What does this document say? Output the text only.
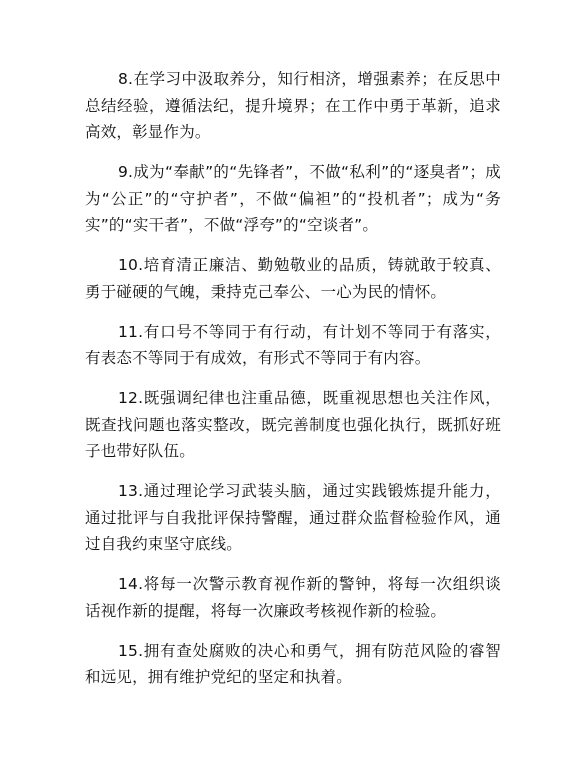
8.在学习中汲取养分，知行相济，增强素养；在反思中总结经验，遵循法纪，提升境界；在工作中勇于革新，追求高效，彰显作为。

9.成为“奉献”的“先锋者”，不做“私利”的“逐臭者”；成为“公正”的“守护者”，不做“偏袒”的“投机者”；成为“务实”的“实干者”，不做“浮夸”的“空谈者”。

10.培育清正廉洁、勤勉敬业的品质，铸就敢于较真、勇于碰硬的气魄，秉持克己奉公、一心为民的情怀。

11.有口号不等同于有行动，有计划不等同于有落实，有表态不等同于有成效，有形式不等同于有内容。

12.既强调纪律也注重品德，既重视思想也关注作风，既查找问题也落实整改，既完善制度也强化执行，既抓好班子也带好队伍。

13.通过理论学习武装头脑，通过实践锻炼提升能力，通过批评与自我批评保持警醒，通过群众监督检验作风，通过自我约束坚守底线。

14.将每一次警示教育视作新的警钟，将每一次组织谈话视作新的提醒，将每一次廉政考核视作新的检验。

15.拥有查处腐败的决心和勇气，拥有防范风险的睿智和远见，拥有维护党纪的坚定和执着。
